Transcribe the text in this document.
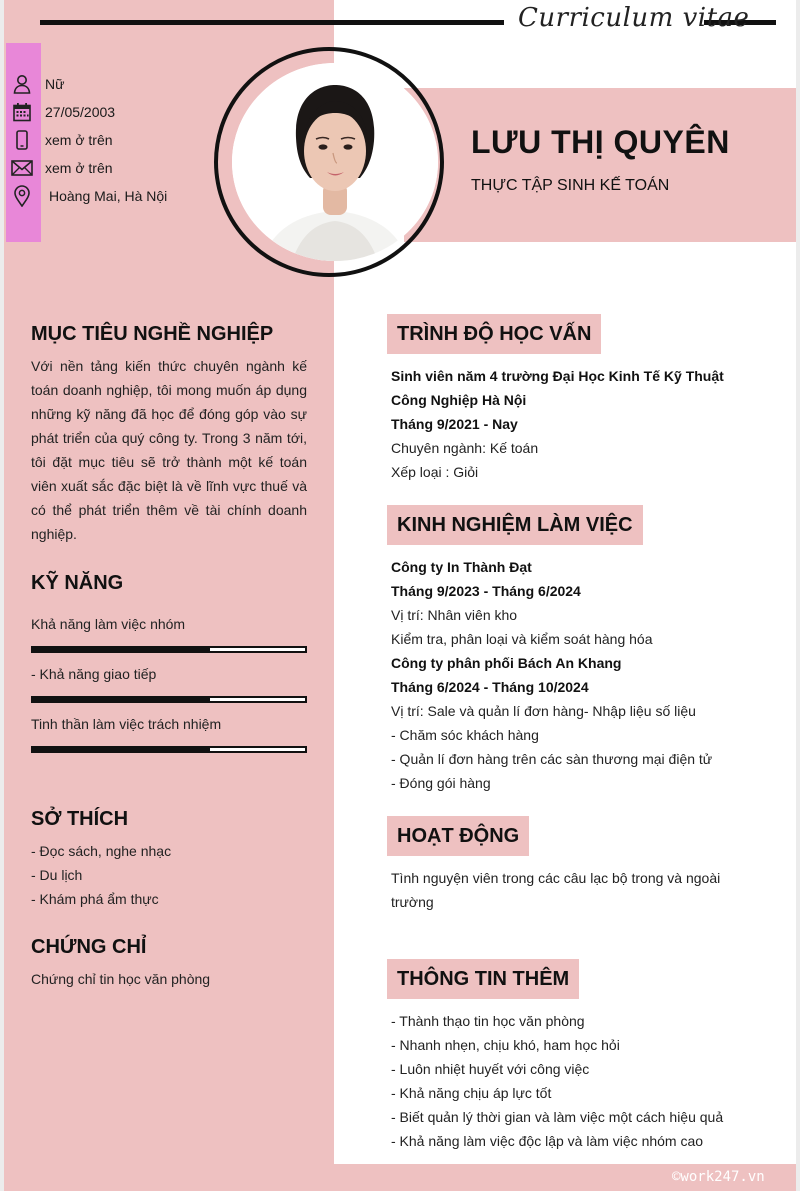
Curriculum vitae
LƯU THỊ QUYÊN
THỰC TẬP SINH KẾ TOÁN
Nữ
27/05/2003
xem ở trên
xem ở trên
Hoàng Mai, Hà Nội
MỤC TIÊU NGHỀ NGHIỆP
Với nền tảng kiến thức chuyên ngành kế toán doanh nghiệp, tôi mong muốn áp dụng những kỹ năng đã học để đóng góp vào sự phát triển của quý công ty. Trong 3 năm tới, tôi đặt mục tiêu sẽ trở thành một kế toán viên xuất sắc đặc biệt là về lĩnh vực thuế và có thể phát triển thêm về tài chính doanh nghiệp.
KỸ NĂNG
Khả năng làm việc nhóm
- Khả năng giao tiếp
Tinh thần làm việc trách nhiệm
SỞ THÍCH
- Đọc sách, nghe nhạc
- Du lịch
- Khám phá ẩm thực
CHỨNG CHỈ
Chứng chỉ tin học văn phòng
TRÌNH ĐỘ HỌC VẤN
Sinh viên năm 4 trường Đại Học Kinh Tế Kỹ Thuật Công Nghiệp Hà Nội
Tháng 9/2021 - Nay
Chuyên ngành: Kế toán
Xếp loại : Giỏi
KINH NGHIỆM LÀM VIỆC
Công ty In Thành Đạt
Tháng 9/2023 - Tháng 6/2024
Vị trí: Nhân viên kho
Kiểm tra, phân loại và kiểm soát hàng hóa
Công ty phân phối Bách An Khang
Tháng 6/2024 - Tháng 10/2024
Vị trí: Sale và quản lí đơn hàng- Nhập liệu số liệu
- Chăm sóc khách hàng
- Quản lí đơn hàng trên các sàn thương mại điện tử
- Đóng gói hàng
HOẠT ĐỘNG
Tình nguyện viên trong các câu lạc bộ trong và ngoài trường
THÔNG TIN THÊM
- Thành thạo tin học văn phòng
- Nhanh nhẹn, chịu khó, ham học hỏi
- Luôn nhiệt huyết với công việc
- Khả năng chịu áp lực tốt
- Biết quản lý thời gian và làm việc một cách hiệu quả
- Khả năng làm việc độc lập và làm việc nhóm cao
©work247.vn
